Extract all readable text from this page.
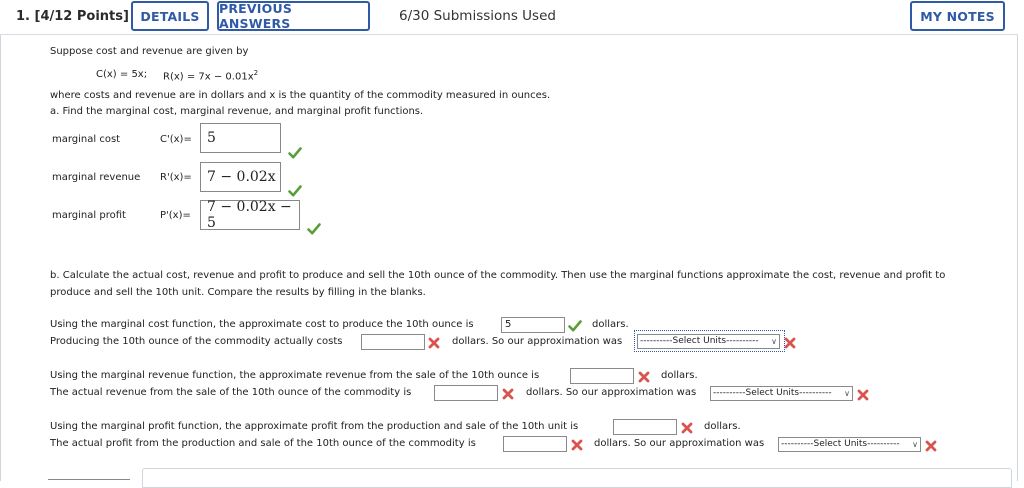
1. [4/12 Points] DETAILS	PREVIOUS ANSWERS	6/30 Submissions Used	MY NOTES
Suppose cost and revenue are given by
C(x) = 5x; $R(x) = 7x - 0.01x^2$
where costs and revenue are in dollars and x is the quantity of the commodity measured in ounces.
a. Find the marginal cost, marginal revenue, and marginal profit functions.
marginal cost	C'(x)= 5
marginal revenue R'(x)= 7 − 0.02x
marginal profit	P'(x)=
7 − 0.02x − 5
b. Calculate the actual cost, revenue and profit to produce and sell the 10th ounce of the commodity. Then use the marginal functions approximate the cost, revenue and profit to
produce and sell the 10th unit. Compare the results by filling in the blanks.
Using the marginal cost function, the approximate cost to produce the 10th ounce is	5	dollars.
Producing the 10th ounce of the commodity actually costs	dollars. So our approximation was	----------Select Units---------- ∨
Using the marginal revenue function, the approximate revenue from the sale of the 10th ounce is	dollars.
The actual revenue from the sale of the 10th ounce of the commodity is	dollars. So our approximation was	----------Select Units---------- ∨
Using the marginal profit function, the approximate profit from the production and sale of the 10th unit is	dollars.
The actual profit from the production and sale of the 10th ounce of the commodity is	dollars. So our approximation was	----------Select Units---------- ∨
